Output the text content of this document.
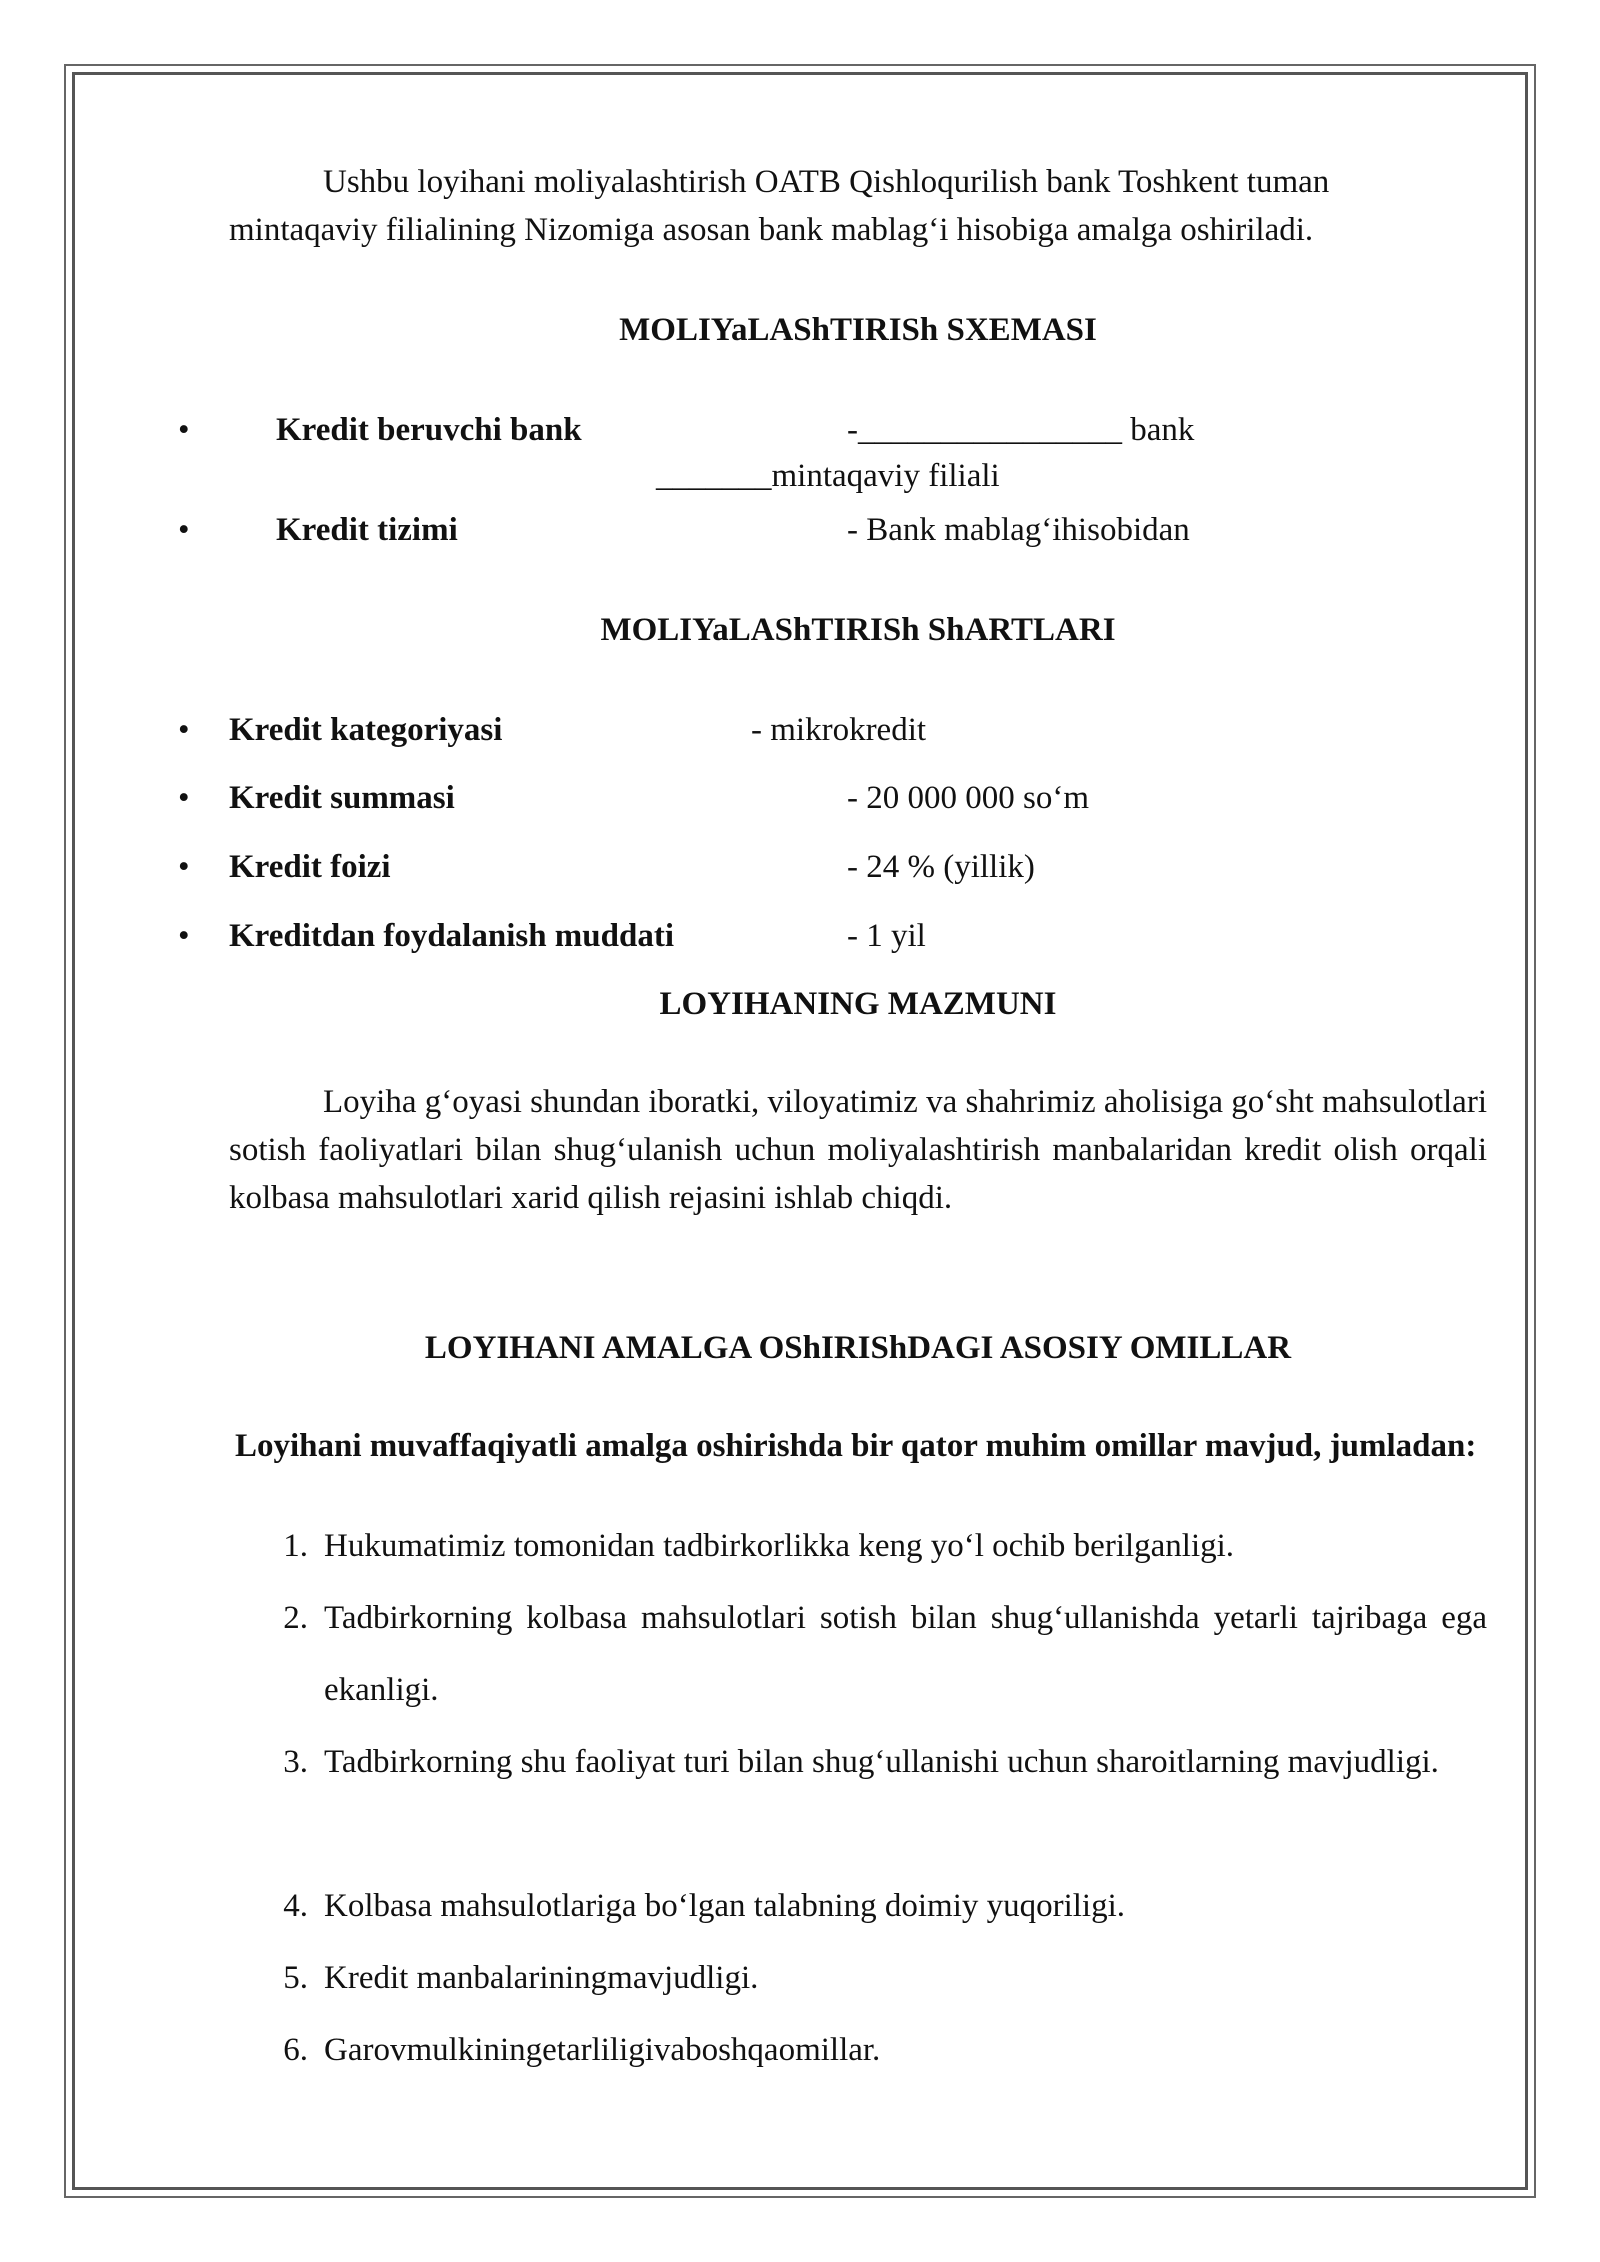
Ushbu loyihani moliyalashtirish OATB Qishloqurilish bank Toshkent tuman
mintaqaviy filialining Nizomiga asosan bank mablag‘i hisobiga amalga oshiriladi.
MOLIYaLAShTIRISh SXEMASI
•	Kredit beruvchi bank	-________________ bank
_______mintaqaviy filiali
•	Kredit tizimi	- Bank mablag‘ihisobidan
MOLIYaLAShTIRISh ShARTLARI
• Kredit kategoriyasi	- mikrokredit
• Kredit summasi	- 20 000 000 so‘m
• Kredit foizi	- 24 % (yillik)
• Kreditdan foydalanish muddati	- 1 yil
LOYIHANING MAZMUNI
Loyiha g‘oyasi shundan iboratki, viloyatimiz va shahrimiz aholisiga go‘sht mahsulotlari sotish faoliyatlari bilan shug‘ulanish uchun moliyalashtirish manbalaridan kredit olish orqali kolbasa mahsulotlari xarid qilish rejasini ishlab chiqdi.
LOYIHANI AMALGA OShIRIShDAGI ASOSIY OMILLAR
Loyihani muvaffaqiyatli amalga oshirishda bir qator muhim omillar mavjud, jumladan:
1. Hukumatimiz tomonidan tadbirkorlikka keng yo‘l ochib berilganligi.
2. Tadbirkorning kolbasa mahsulotlari sotish bilan shug‘ullanishda yetarli tajribaga ega ekanligi.
3. Tadbirkorning shu faoliyat turi bilan shug‘ullanishi uchun sharoitlarning mavjudligi.
4. Kolbasa mahsulotlariga bo‘lgan talabning doimiy yuqoriligi.
5. Kredit manbalariningmavjudligi.
6. Garovmulkiningetarliligivaboshqaomillar.
